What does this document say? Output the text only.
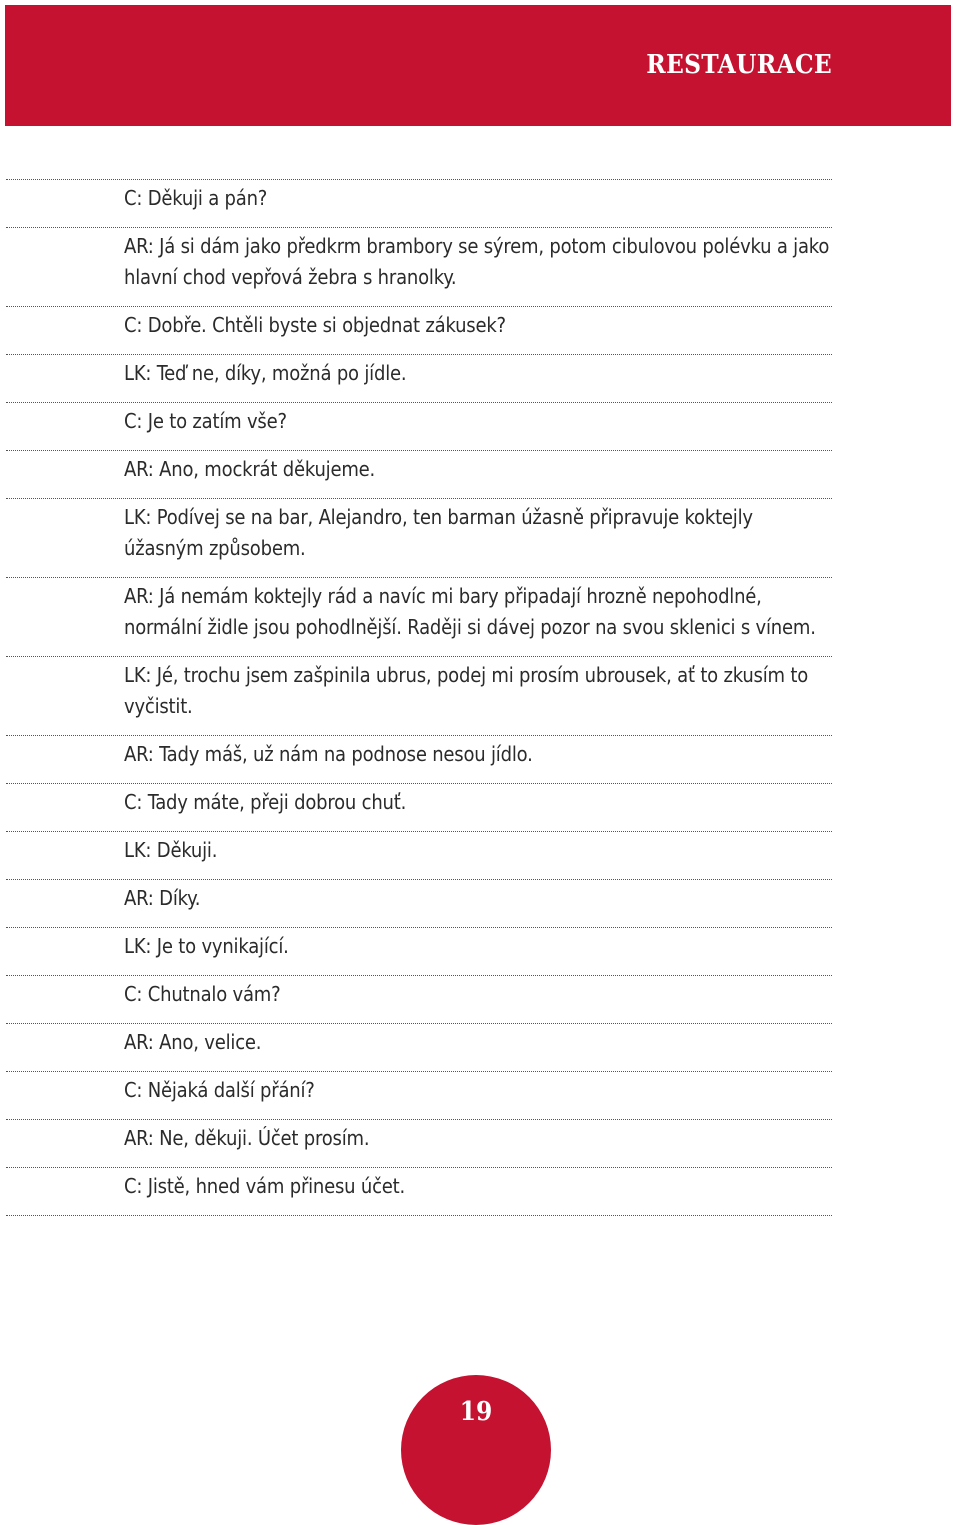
RESTAURACE

C: Děkuji a pán?

AR: Já si dám jako předkrm brambory se sýrem, potom cibulovou polévku a jako hlavní chod vepřová žebra s hranolky.

C: Dobře. Chtěli byste si objednat zákusek?

LK: Teď ne, díky, možná po jídle.

C: Je to zatím vše?

AR: Ano, mockrát děkujeme.

LK: Podívej se na bar, Alejandro, ten barman úžasně připravuje koktejly úžasným způsobem.

AR: Já nemám koktejly rád a navíc mi bary připadají hrozně nepohodlné, normální židle jsou pohodlnější. Raději si dávej pozor na svou sklenici s vínem.

LK: Jé, trochu jsem zašpinila ubrus, podej mi prosím ubrousek, ať to zkusím to vyčistit.

AR: Tady máš, už nám na podnose nesou jídlo.

C: Tady máte, přeji dobrou chuť.

LK: Děkuji.

AR: Díky.

LK: Je to vynikající.

C: Chutnalo vám?

AR: Ano, velice.

C: Nějaká další přání?

AR: Ne, děkuji. Účet prosím.

C: Jistě, hned vám přinesu účet.

19
